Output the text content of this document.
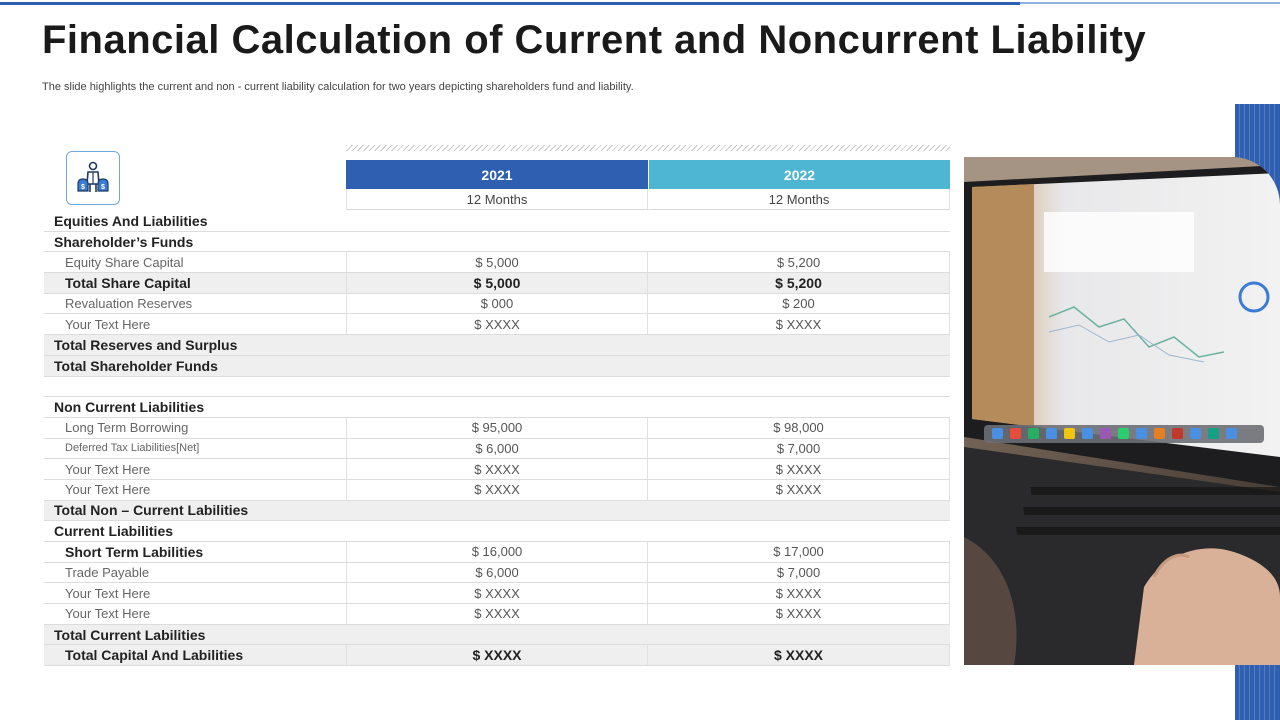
Financial Calculation of Current and Noncurrent Liability
The slide highlights the current and non - current liability calculation for two years depicting shareholders fund and liability.
$ $
2021	2022
12 Months	12 Months
Equities And Liabilities
Shareholder’s Funds
Equity Share Capital	$ 5,000	$ 5,200
Total Share Capital	$ 5,000	$ 5,200
Revaluation Reserves	$ 000	$ 200
Your Text Here	$ XXXX	$ XXXX
Total Reserves and Surplus
Total Shareholder Funds
Non Current Liabilities
Long Term Borrowing	$ 95,000	$ 98,000
Deferred Tax Liabilities[Net]	$ 6,000	$ 7,000
Your Text Here	$ XXXX	$ XXXX
Your Text Here	$ XXXX	$ XXXX
Total Non – Current Labilities
Current Liabilities
Short Term Labilities	$ 16,000	$ 17,000
Trade Payable	$ 6,000	$ 7,000
Your Text Here	$ XXXX	$ XXXX
Your Text Here	$ XXXX	$ XXXX
Total Current Labilities
Total Capital And Labilities	$ XXXX	$ XXXX
